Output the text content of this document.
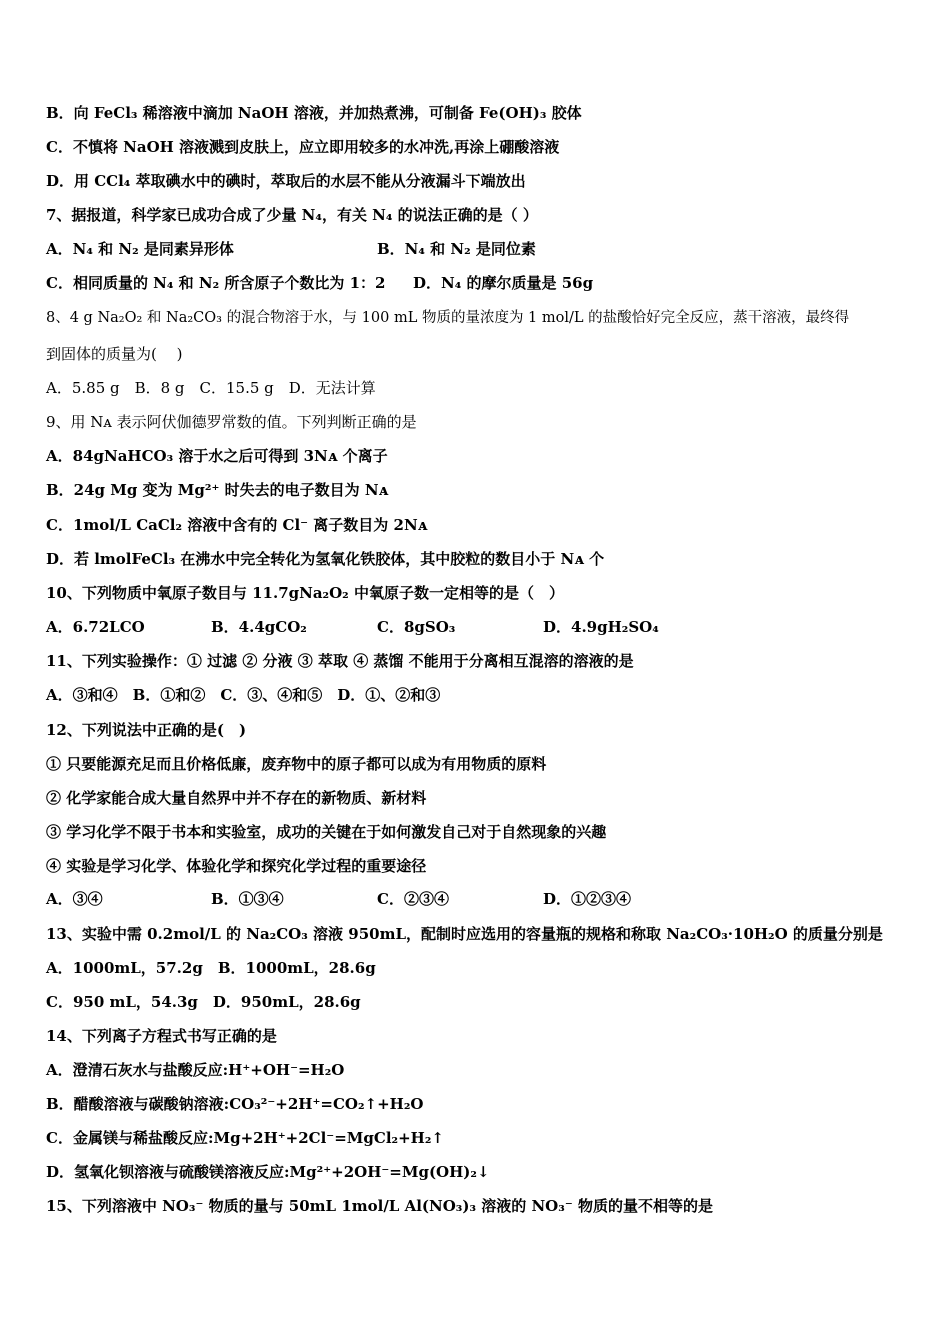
B．向 FeCl₃ 稀溶液中滴加 NaOH 溶液，并加热煮沸，可制备 Fe(OH)₃ 胶体
C．不慎将 NaOH 溶液溅到皮肤上，应立即用较多的水冲洗,再涂上硼酸溶液
D．用 CCl₄ 萃取碘水中的碘时，萃取后的水层不能从分液漏斗下端放出
7、据报道，科学家已成功合成了少量 N₄，有关 N₄ 的说法正确的是（ ）
A．N₄ 和 N₂ 是同素异形体	B．N₄ 和 N₂ 是同位素
C．相同质量的 N₄ 和 N₂ 所含原子个数比为 1：2 D．N₄ 的摩尔质量是 56g
8、4 g Na₂O₂ 和 Na₂CO₃ 的混合物溶于水，与 100 mL 物质的量浓度为 1 mol/L 的盐酸恰好完全反应，蒸干溶液，最终得
到固体的质量为(　 )
A．5.85 g　B．8 g　C．15.5 g　D．无法计算
9、用 Nᴀ 表示阿伏伽德罗常数的值。下列判断正确的是
A．84gNaHCO₃ 溶于水之后可得到 3Nᴀ 个离子
B．24g Mg 变为 Mg²⁺ 时失去的电子数目为 Nᴀ
C．1mol/L CaCl₂ 溶液中含有的 Cl⁻ 离子数目为 2Nᴀ
D．若 lmolFeCl₃ 在沸水中完全转化为氢氧化铁胶体，其中胶粒的数目小于 Nᴀ 个
10、下列物质中氧原子数目与 11.7gNa₂O₂ 中氧原子数一定相等的是（　）
A．6.72LCO	B．4.4gCO₂	C．8gSO₃	D．4.9gH₂SO₄
11、下列实验操作：① 过滤 ② 分液 ③ 萃取 ④ 蒸馏 不能用于分离相互混溶的溶液的是
A．③和④　B．①和②　C．③、④和⑤　D．①、②和③
12、下列说法中正确的是(　)
① 只要能源充足而且价格低廉，废弃物中的原子都可以成为有用物质的原料
② 化学家能合成大量自然界中并不存在的新物质、新材料
③ 学习化学不限于书本和实验室，成功的关键在于如何激发自己对于自然现象的兴趣
④ 实验是学习化学、体验化学和探究化学过程的重要途径
A．③④	B．①③④	C．②③④	D．①②③④
13、实验中需 0.2mol/L 的 Na₂CO₃ 溶液 950mL，配制时应选用的容量瓶的规格和称取 Na₂CO₃·10H₂O 的质量分别是
A．1000mL，57.2g　B．1000mL，28.6g
C．950 mL，54.3g　D．950mL，28.6g
14、下列离子方程式书写正确的是
A．澄清石灰水与盐酸反应:H⁺+OH⁻=H₂O
B．醋酸溶液与碳酸钠溶液:CO₃²⁻+2H⁺=CO₂↑+H₂O
C．金属镁与稀盐酸反应:Mg+2H⁺+2Cl⁻=MgCl₂+H₂↑
D．氢氧化钡溶液与硫酸镁溶液反应:Mg²⁺+2OH⁻=Mg(OH)₂↓
15、下列溶液中 NO₃⁻ 物质的量与 50mL 1mol/L Al(NO₃)₃ 溶液的 NO₃⁻ 物质的量不相等的是
